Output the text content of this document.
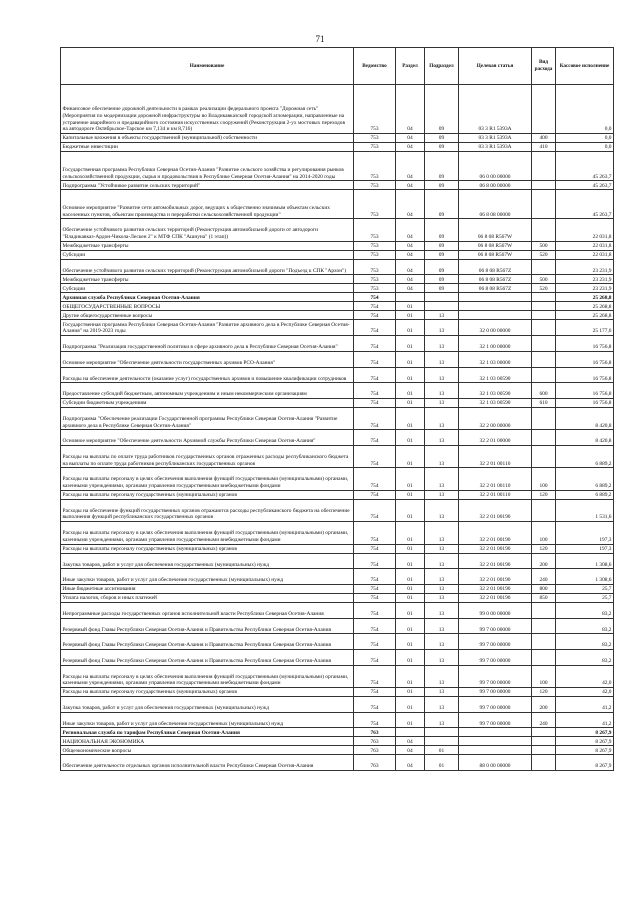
71
Наименование	Ведомство	Раздел	Подраздел	Целевая статья	Вид расхода	Кассовое исполнение
Финансовое обеспечение дорожной деятельности в рамках реализации федерального проекта "Дорожная сеть" (Мероприятия по модернизации дорожной инфраструктуры во Владикавказской городской агломерации, направленные на устранение аварийного и предаварийного состояния искусственных сооружений (Реконструкция 2-ух мостовых переходов на автодороге Октябрьское-Тарское км 7,134 и км 8,716)	753	04	09	03 3 R1 5393А		0,0
Капитальные вложения в объекты государственной (муниципальной) собственности	753	04	09	03 3 R1 5393А	400	0,0
Бюджетные инвестиции	753	04	09	03 3 R1 5393А	410	0,0
Государственная программа Республики Северная Осетия-Алания "Развитие сельского хозяйства и регулирования рынков сельскохозяйственной продукции, сырья и продовольствия в Республике Северная Осетия-Алания" на 2014-2020 годы	753	04	09	06 0 00 00000		45 263,7
Подпрограмма "Устойчивое развитие сельских территорий"	753	04	09	06 8 00 00000		45 263,7
Основное мероприятие "Развитие сети автомобильных дорог, ведущих к общественно значимым объектам сельских населенных пунктов, объектам производства и переработки сельскохозяйственной продукции"	753	04	09	06 8 08 00000		45 263,7
Обеспечение устойчивого развития сельских территорий (Реконструкция автомобильной дороги от автодороги "Владикавказ-Ардон-Чикола-Лескен 2" к МТФ СПК "Ашнуна" (1 этап))	753	04	09	06 8 08 R567W		22 031,8
Межбюджетные трансферты	753	04	09	06 8 08 R567W	500	22 031,8
Субсидии	753	04	09	06 8 08 R567W	520	22 031,8
Обеспечение устойчивого развития сельских территорий (Реконструкция автомобильной дороги "Подъезд к СПК "Архон")	753	04	09	06 8 08 R567Z		23 231,9
Межбюджетные трансферты	753	04	09	06 8 08 R567Z	500	23 231,9
Субсидии	753	04	09	06 8 08 R567Z	520	23 231,9
Архивная служба Республики Северная Осетия-Алания	754					25 268,8
ОБЩЕГОСУДАРСТВЕННЫЕ ВОПРОСЫ	754	01				25 268,8
Другие общегосударственные вопросы	754	01	13			25 268,8
Государственная программа Республики Северная Осетия-Алания "Развитие архивного дела в Республике Северная Осетия-Алания" на 2019-2023 годы	754	01	13	32 0 00 00000		25 177,6
Подпрограмма "Реализация государственной политики в сфере архивного дела в Республике Северная Осетия-Алания"	754	01	13	32 1 00 00000		16 756,8
Основное мероприятие "Обеспечение деятельности государственных архивов РСО-Алания"	754	01	13	32 1 03 00000		16 756,8
Расходы на обеспечение деятельности (оказание услуг) государственных архивов и повышение квалификации сотрудников	754	01	13	32 1 03 00590		16 756,8
Предоставление субсидий бюджетным, автономным учреждениям и иным некоммерческим организациям	754	01	13	32 1 03 00590	600	16 756,8
Субсидии бюджетным учреждениям	754	01	13	32 1 03 00590	610	16 756,8
Подпрограмма "Обеспечение реализации Государственной программы Республики Северная Осетия-Алания "Развитие архивного дела в Республике Северная Осетия-Алания"	754	01	13	32 2 00 00000		8 420,8
Основное мероприятие "Обеспечение деятельности Архивной службы Республики Северная Осетия-Алания"	754	01	13	32 2 01 00000		8 420,8
Расходы на выплаты по оплате труда работников государственных органов отраженных расходы республиканского бюджета на выплаты по оплате труда работников республиканских государственных органов	754	01	13	32 2 01 00110		6 889,2
Расходы на выплаты персоналу в целях обеспечения выполнения функций государственными (муниципальными) органами, казенными учреждениями, органами управления государственными внебюджетными фондами	754	01	13	32 2 01 00110	100	6 889,2
Расходы на выплаты персоналу государственных (муниципальных) органов	754	01	13	32 2 01 00110	120	6 889,2
Расходы на обеспечение функций государственных органов отражаются расходы республиканского бюджета на обеспечение выполнения функций республиканских государственных органов	754	01	13	32 2 01 00190		1 531,6
Расходы на выплаты персоналу в целях обеспечения выполнения функций государственными (муниципальными) органами, казенными учреждениями, органами управления государственными внебюджетными фондами	754	01	13	32 2 01 00190	100	197,3
Расходы на выплаты персоналу государственных (муниципальных) органов	754	01	13	32 2 01 00190	120	197,3
Закупка товаров, работ и услуг для обеспечения государственных (муниципальных) нужд	754	01	13	32 2 01 00190	200	1 308,6
Иные закупки товаров, работ и услуг для обеспечения государственных (муниципальных) нужд	754	01	13	32 2 01 00190	240	1 308,6
Иные бюджетные ассигнования	754	01	13	32 2 01 00190	800	25,7
Уплата налогов, сборов и иных платежей	754	01	13	32 2 01 00190	850	25,7
Непрограммные расходы государственных органов исполнительной власти Республики Северная Осетия-Алания	754	01	13	99 0 00 00000		83,2
Резервный фонд Главы Республики Северная Осетия-Алания и Правительства Республики Северная Осетия-Алания	754	01	13	99 7 00 00000		83,2
Резервный фонд Главы Республики Северная Осетия-Алания и Правительства Республики Северная Осетия-Алания	754	01	13	99 7 00 00000		83,2
Резервный фонд Главы Республики Северная Осетия-Алания и Правительства Республики Северная Осетия-Алания	754	01	13	99 7 00 00000		83,2
Расходы на выплаты персоналу в целях обеспечения выполнения функций государственными (муниципальными) органами, казенными учреждениями, органами управления государственными внебюджетными фондами	754	01	13	99 7 00 00000	100	42,0
Расходы на выплаты персоналу государственных (муниципальных) органов	754	01	13	99 7 00 00000	120	42,0
Закупка товаров, работ и услуг для обеспечения государственных (муниципальных) нужд	754	01	13	99 7 00 00000	200	41,2
Иные закупки товаров, работ и услуг для обеспечения государственных (муниципальных) нужд	754	01	13	99 7 00 00000	240	41,2
Региональная служба по тарифам Республики Северная Осетия-Алания	763					8 267,9
НАЦИОНАЛЬНАЯ ЭКОНОМИКА	763	04				8 267,9
Общеэкономические вопросы	763	04	01			8 267,9
Обеспечение деятельности отдельных органов исполнительной власти Республики Северная Осетия-Алания	763	04	01	88 0 00 00000		8 267,9
